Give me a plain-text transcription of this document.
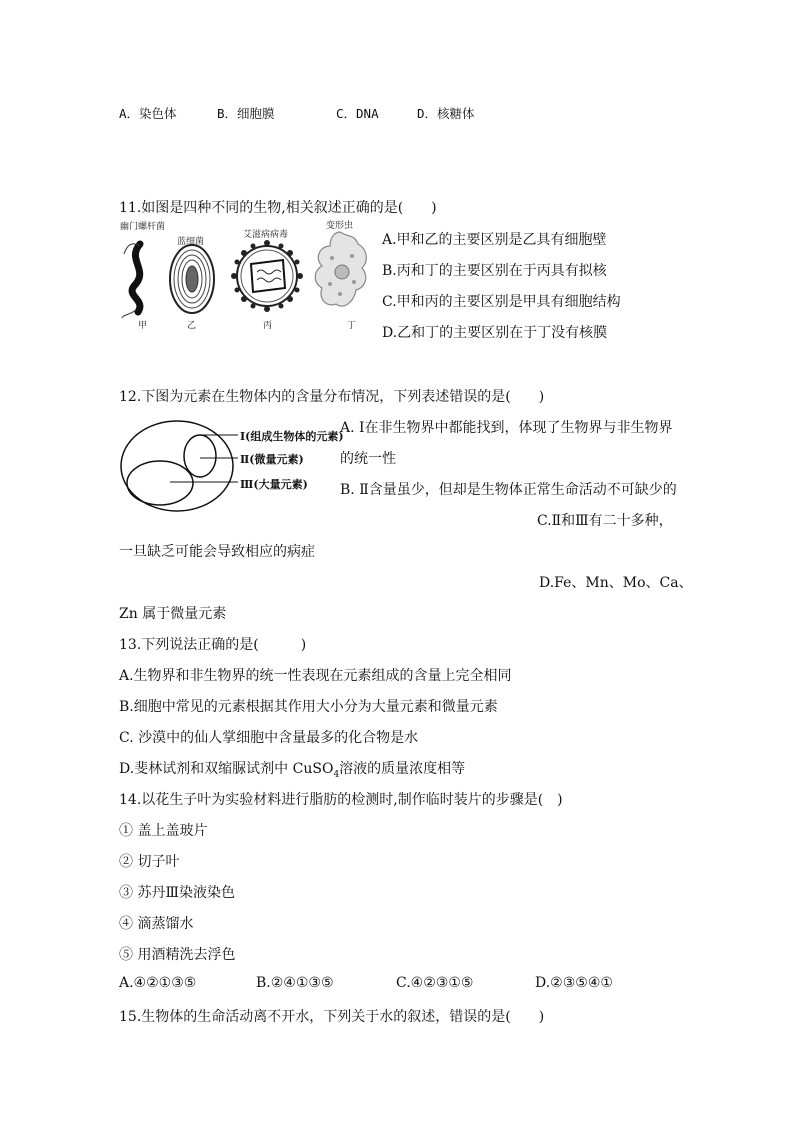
A．染色体	B．细胞膜	C．DNA	D．核糖体
11.如图是四种不同的生物,相关叙述正确的是(　　)
幽门螺杆菌
蓝细菌
艾滋病病毒
变形虫
甲	乙	丙	丁
A.甲和乙的主要区别是乙具有细胞壁
B.丙和丁的主要区别在于丙具有拟核
C.甲和丙的主要区别是甲具有细胞结构
D.乙和丁的主要区别在于丁没有核膜
12.下图为元素在生物体内的含量分布情况，下列表述错误的是(　　)
Ⅰ(组成生物体的元素)
Ⅱ(微量元素)
Ⅲ(大量元素)
A. Ⅰ在非生物界中都能找到，体现了生物界与非生物界
的统一性
B. Ⅱ含量虽少，但却是生物体正常生命活动不可缺少的
C.Ⅱ和Ⅲ有二十多种，
一旦缺乏可能会导致相应的病症
D.Fe、Mn、Mo、Ca、
Zn 属于微量元素
13.下列说法正确的是(　　　)
A.生物界和非生物界的统一性表现在元素组成的含量上完全相同
B.细胞中常见的元素根据其作用大小分为大量元素和微量元素
C. 沙漠中的仙人掌细胞中含量最多的化合物是水
D.斐林试剂和双缩脲试剂中 CuSO$_4$溶液的质量浓度相等
14.以花生子叶为实验材料进行脂肪的检测时,制作临时装片的步骤是(　)
① 盖上盖玻片
② 切子叶
③ 苏丹Ⅲ染液染色
④ 滴蒸馏水
⑤ 用酒精洗去浮色
A.④②①③⑤	B.②④①③⑤	C.④②③①⑤	D.②③⑤④①
15.生物体的生命活动离不开水，下列关于水的叙述，错误的是(　　)
